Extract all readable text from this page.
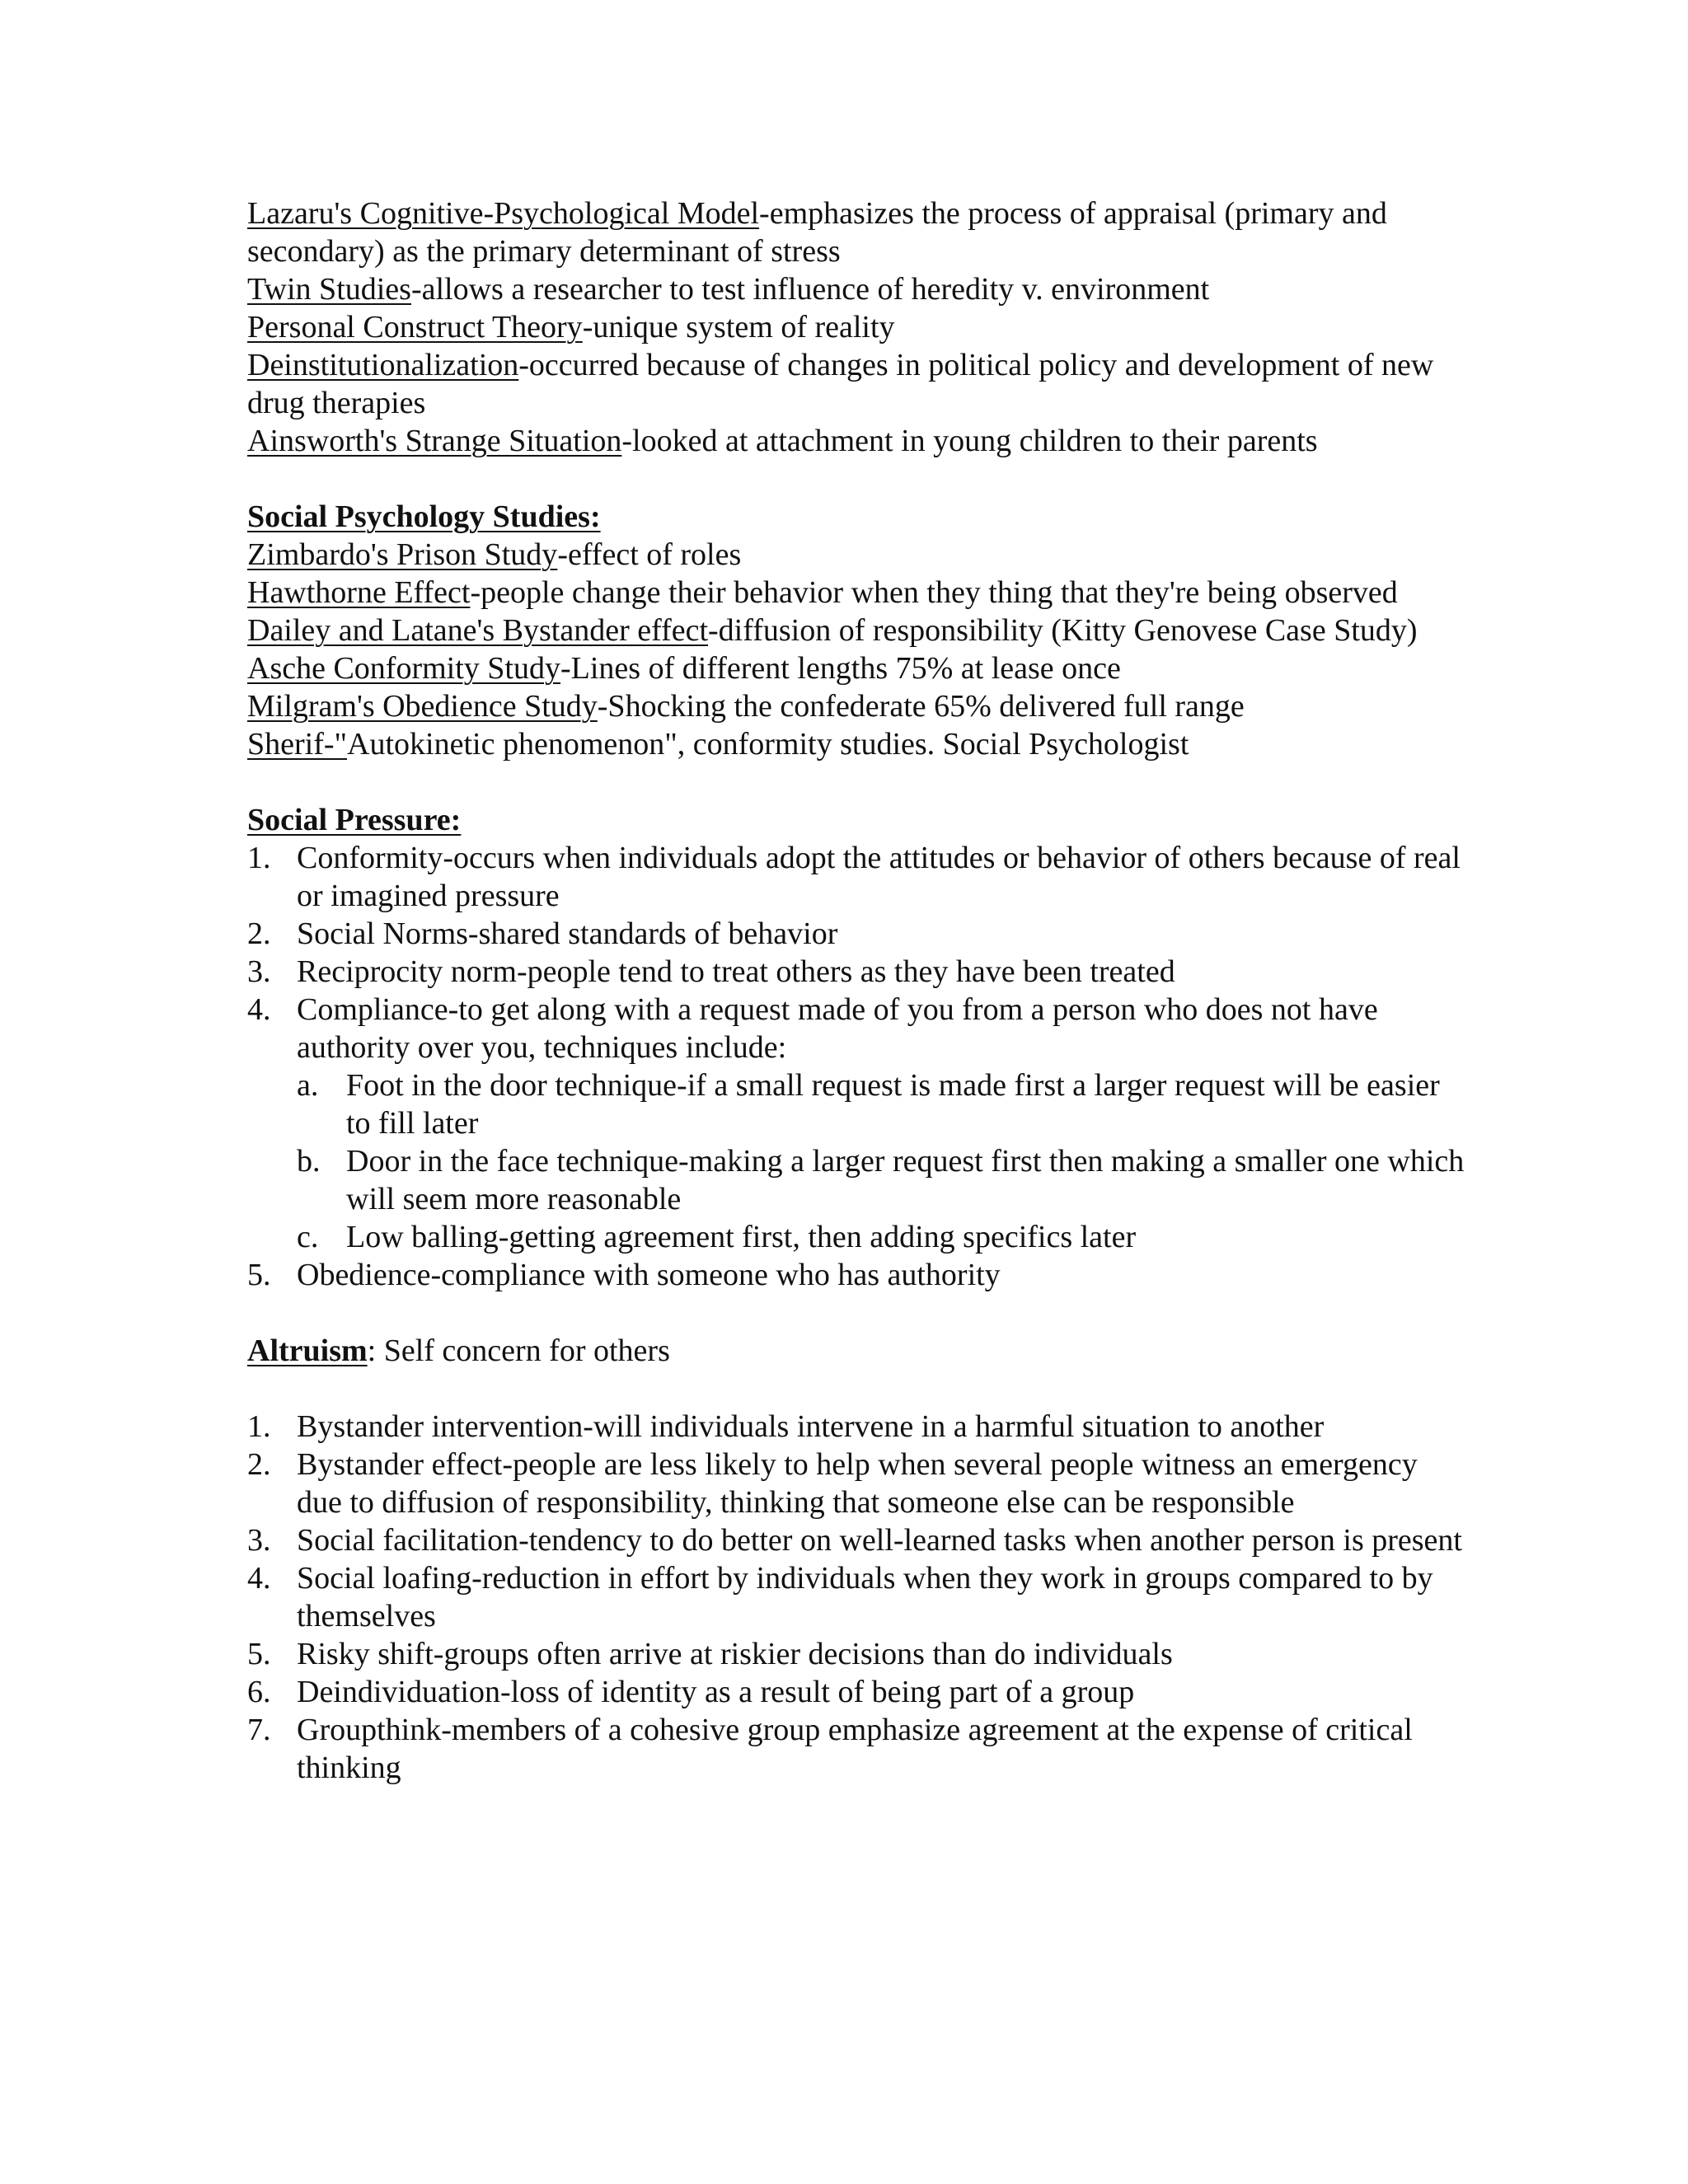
Lazaru's Cognitive-Psychological Model-emphasizes the process of appraisal (primary and secondary) as the primary determinant of stress

Twin Studies-allows a researcher to test influence of heredity v. environment

Personal Construct Theory-unique system of reality

Deinstitutionalization-occurred because of changes in political policy and development of new drug therapies

Ainsworth's Strange Situation-looked at attachment in young children to their parents

Social Psychology Studies:

Zimbardo's Prison Study-effect of roles

Hawthorne Effect-people change their behavior when they thing that they're being observed

Dailey and Latane's Bystander effect-diffusion of responsibility (Kitty Genovese Case Study)

Asche Conformity Study-Lines of different lengths 75% at lease once

Milgram's Obedience Study-Shocking the confederate 65% delivered full range

Sherif-"Autokinetic phenomenon", conformity studies. Social Psychologist

Social Pressure:

1. Conformity-occurs when individuals adopt the attitudes or behavior of others because of real or imagined pressure
2. Social Norms-shared standards of behavior
3. Reciprocity norm-people tend to treat others as they have been treated
4. Compliance-to get along with a request made of you from a person who does not have authority over you, techniques include:
a. Foot in the door technique-if a small request is made first a larger request will be easier to fill later
b. Door in the face technique-making a larger request first then making a smaller one which will seem more reasonable
c. Low balling-getting agreement first, then adding specifics later
5. Obedience-compliance with someone who has authority

Altruism: Self concern for others

1. Bystander intervention-will individuals intervene in a harmful situation to another
2. Bystander effect-people are less likely to help when several people witness an emergency due to diffusion of responsibility, thinking that someone else can be responsible
3. Social facilitation-tendency to do better on well-learned tasks when another person is present
4. Social loafing-reduction in effort by individuals when they work in groups compared to by themselves
5. Risky shift-groups often arrive at riskier decisions than do individuals
6. Deindividuation-loss of identity as a result of being part of a group
7. Groupthink-members of a cohesive group emphasize agreement at the expense of critical thinking
